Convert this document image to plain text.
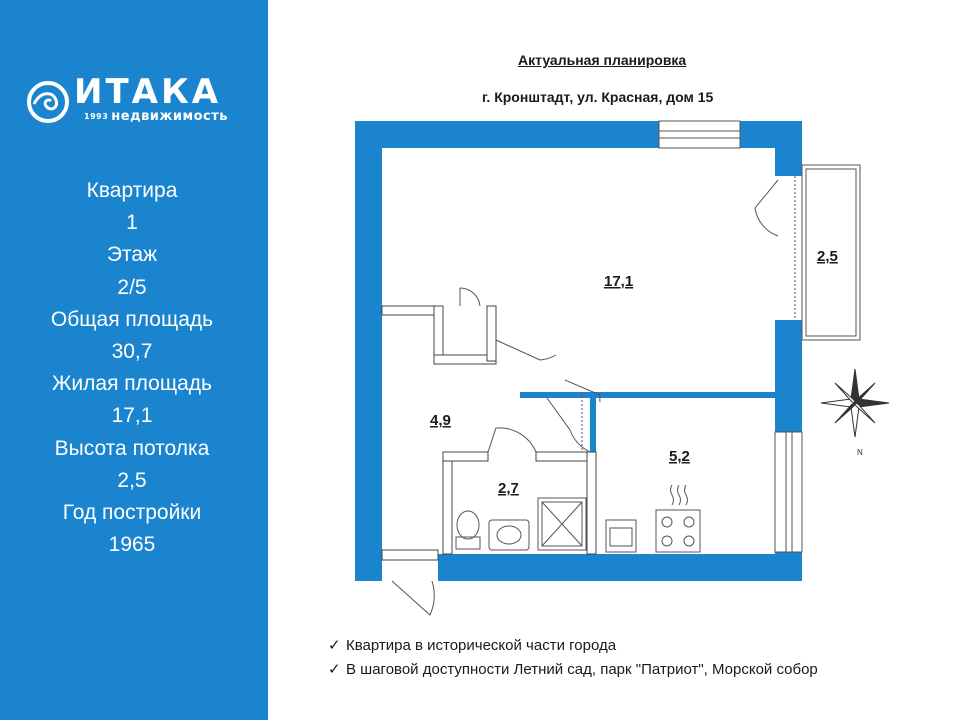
ИТАКА
1993 недвижимость
Квартира
1
Этаж
2/5
Общая площадь
30,7
Жилая площадь
17,1
Высота потолка
2,5
Год постройки
1965
Актуальная планировка
г. Кронштадт, ул. Красная, дом 15
N
17,1
2,5
4,9
2,7
5,2
✓ Квартира в исторической части города
✓ В шаговой доступности Летний сад, парк "Патриот", Морской собор
